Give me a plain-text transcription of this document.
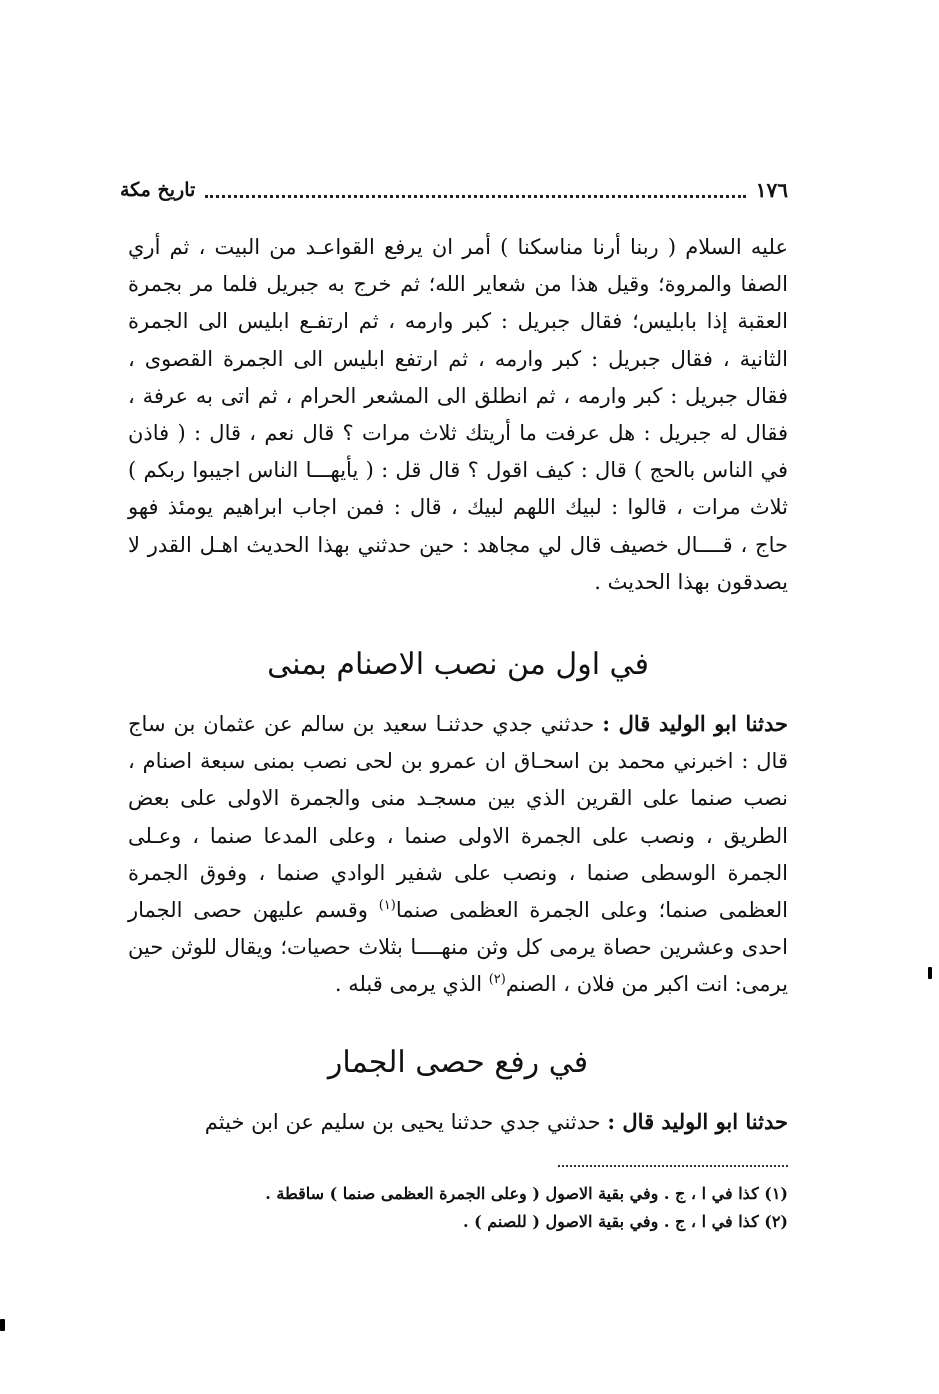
١٧٦
تاريخ مكة
عليه السلام ( ربنا أرنا مناسكنا ) أمر ان يرفع القواعـد من البيت ، ثم أري الصفا والمروة؛ وقيل هذا من شعاير الله؛ ثم خرج به جبريل فلما مر بجمرة العقبة إذا بابليس؛ فقال جبريل : كبر وارمه ، ثم ارتفـع ابليس الى الجمرة الثانية ، فقال جبريل : كبر وارمه ، ثم ارتفع ابليس الى الجمرة القصوى ، فقال جبريل : كبر وارمه ، ثم انطلق الى المشعر الحرام ، ثم اتى به عرفة ، فقال له جبريل : هل عرفت ما أريتك ثلاث مرات ؟ قال نعم ، قال : ( فاذن في الناس بالحج ) قال : كيف اقول ؟ قال قل : ( يأيهـــا الناس اجيبوا ربكم ) ثلاث مرات ، قالوا : لبيك اللهم لبيك ، قال : فمن اجاب ابراهيم يومئذ فهو حاج ، قــــال خصيف قال لي مجاهد : حين حدثني بهذا الحديث اهـل القدر لا يصدقون بهذا الحديث .
في اول من نصب الاصنام بمنى
حدثنا ابو الوليد قال : حدثني جدي حدثنـا سعيد بن سالم عن عثمان بن ساج قال : اخبرني محمد بن اسحـاق ان عمرو بن لحى نصب بمنى سبعة اصنام ، نصب صنما على القرين الذي بين مسجـد منى والجمرة الاولى على بعض الطريق ، ونصب على الجمرة الاولى صنما ، وعلى المدعا صنما ، وعـلى الجمرة الوسطى صنما ، ونصب على شفير الوادي صنما ، وفوق الجمرة العظمى صنما؛ وعلى الجمرة العظمى صنما$^{(١)}$ وقسم عليهن حصى الجمار احدى وعشرين حصاة يرمى كل وثن منهــــا بثلاث حصيات؛ ويقال للوثن حين يرمى: انت اكبر من فلان ، الصنم$^{(٢)}$ الذي يرمى قبله .
في رفع حصى الجمار
حدثنا ابو الوليد قال : حدثني جدي حدثنا يحيى بن سليم عن ابن خيثم
(١) كذا في ا ، ج . وفي بقية الاصول ( وعلى الجمرة العظمى صنما ) ساقطة .
(٢) كذا في ا ، ج . وفي بقية الاصول ( للصنم ) .
